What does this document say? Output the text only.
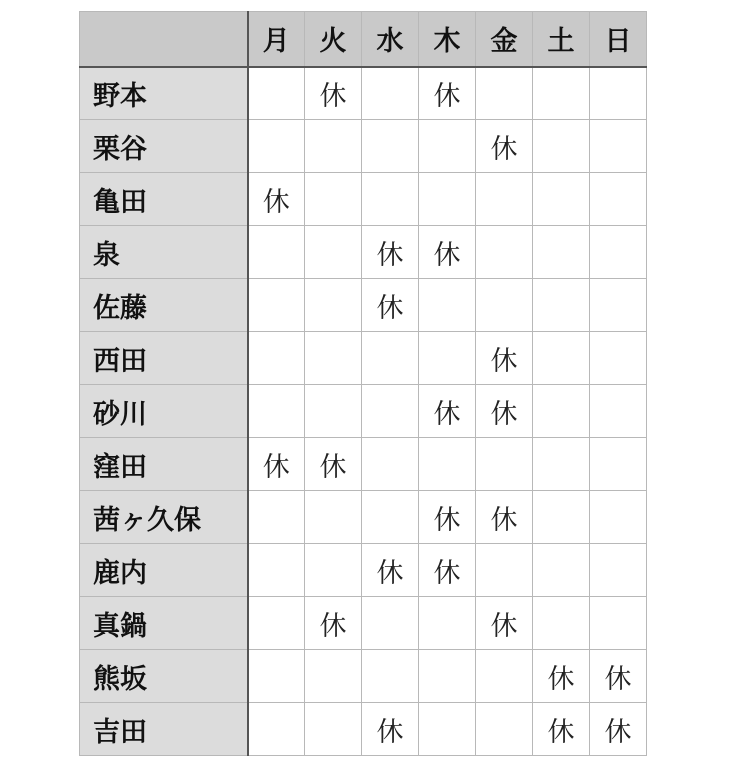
	月	火	水	木	金	土	日
野本		休		休			
栗谷					休		
亀田	休						
泉			休	休			
佐藤			休				
西田					休		
砂川				休	休		
窪田	休	休					
茜ヶ久保				休	休		
鹿内			休	休			
真鍋		休			休		
熊坂						休	休
吉田			休			休	休
